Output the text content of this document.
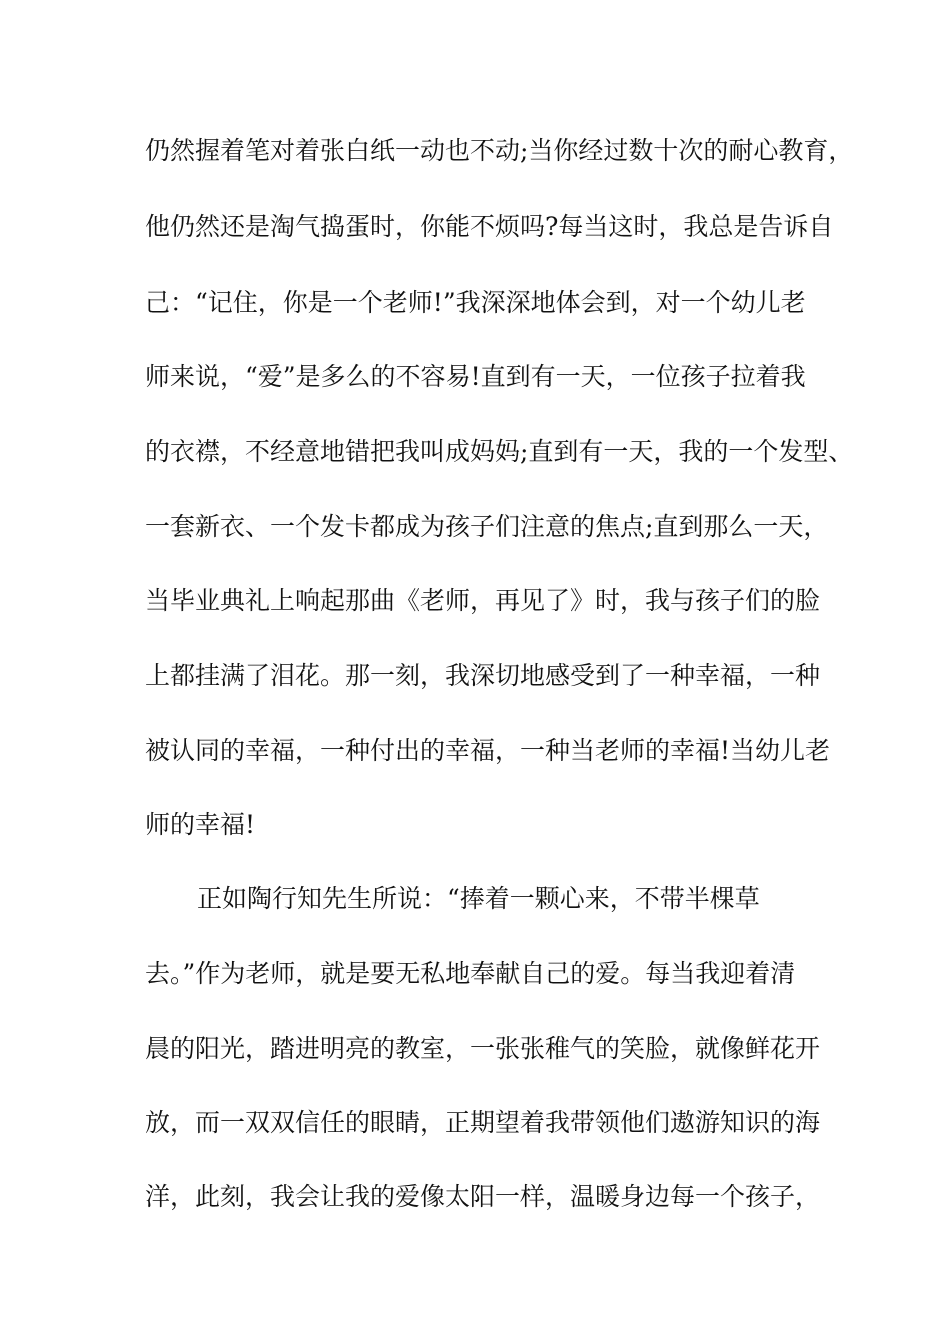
仍然握着笔对着张白纸一动也不动;当你经过数十次的耐心教育，

他仍然还是淘气捣蛋时，你能不烦吗?每当这时，我总是告诉自

己：“记住，你是一个老师!”我深深地体会到，对一个幼儿老

师来说，“爱”是多么的不容易!直到有一天，一位孩子拉着我

的衣襟，不经意地错把我叫成妈妈;直到有一天，我的一个发型、

一套新衣、一个发卡都成为孩子们注意的焦点;直到那么一天，

当毕业典礼上响起那曲《老师，再见了》时，我与孩子们的脸

上都挂满了泪花。那一刻，我深切地感受到了一种幸福，一种

被认同的幸福，一种付出的幸福，一种当老师的幸福!当幼儿老

师的幸福!

正如陶行知先生所说：“捧着一颗心来，不带半棵草

去。”作为老师，就是要无私地奉献自己的爱。每当我迎着清

晨的阳光，踏进明亮的教室，一张张稚气的笑脸，就像鲜花开

放，而一双双信任的眼睛，正期望着我带领他们遨游知识的海

洋，此刻，我会让我的爱像太阳一样，温暖身边每一个孩子，
